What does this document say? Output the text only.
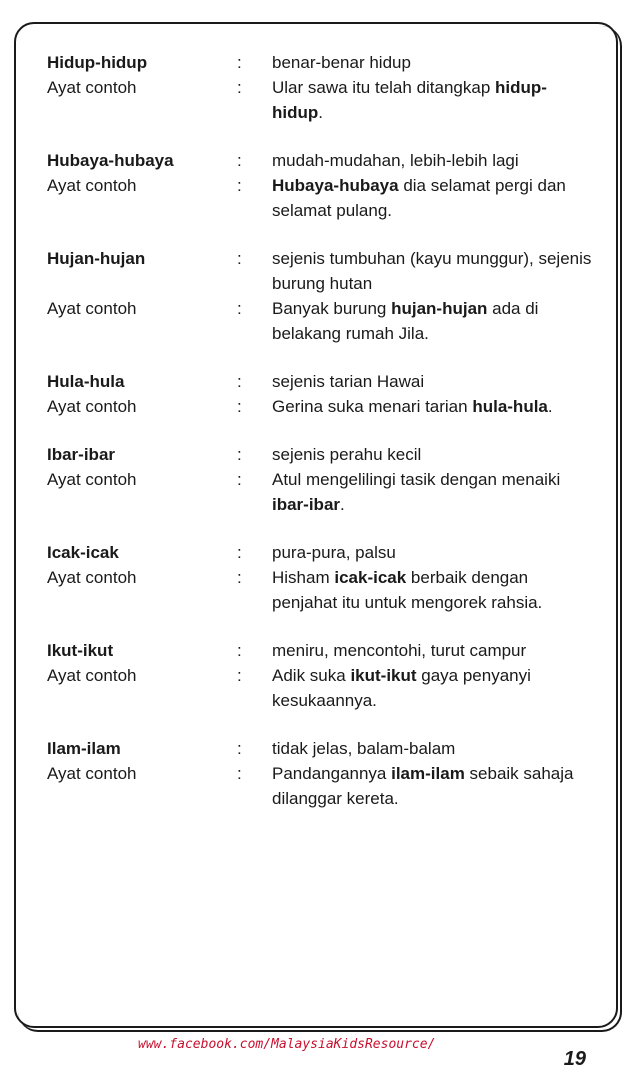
Hidup-hidup	:	benar-benar hidup
Ayat contoh	:	Ular sawa itu telah ditangkap hidup-hidup.
Hubaya-hubaya	:	mudah-mudahan, lebih-lebih lagi
Ayat contoh	:	Hubaya-hubaya dia selamat pergi dan selamat pulang.
Hujan-hujan	:	sejenis tumbuhan (kayu munggur), sejenis burung hutan
Ayat contoh	:	Banyak burung hujan-hujan ada di belakang rumah Jila.
Hula-hula	:	sejenis tarian Hawai
Ayat contoh	:	Gerina suka menari tarian hula-hula.
Ibar-ibar	:	sejenis perahu kecil
Ayat contoh	:	Atul mengelilingi tasik dengan menaiki ibar-ibar.
Icak-icak	:	pura-pura, palsu
Ayat contoh	:	Hisham icak-icak berbaik dengan penjahat itu untuk mengorek rahsia.
Ikut-ikut	:	meniru, mencontohi, turut campur
Ayat contoh	:	Adik suka ikut-ikut gaya penyanyi kesukaannya.
Ilam-ilam	:	tidak jelas, balam-balam
Ayat contoh	:	Pandangannya ilam-ilam sebaik sahaja dilanggar kereta.
www.facebook.com/MalaysiaKidsResource/
19
